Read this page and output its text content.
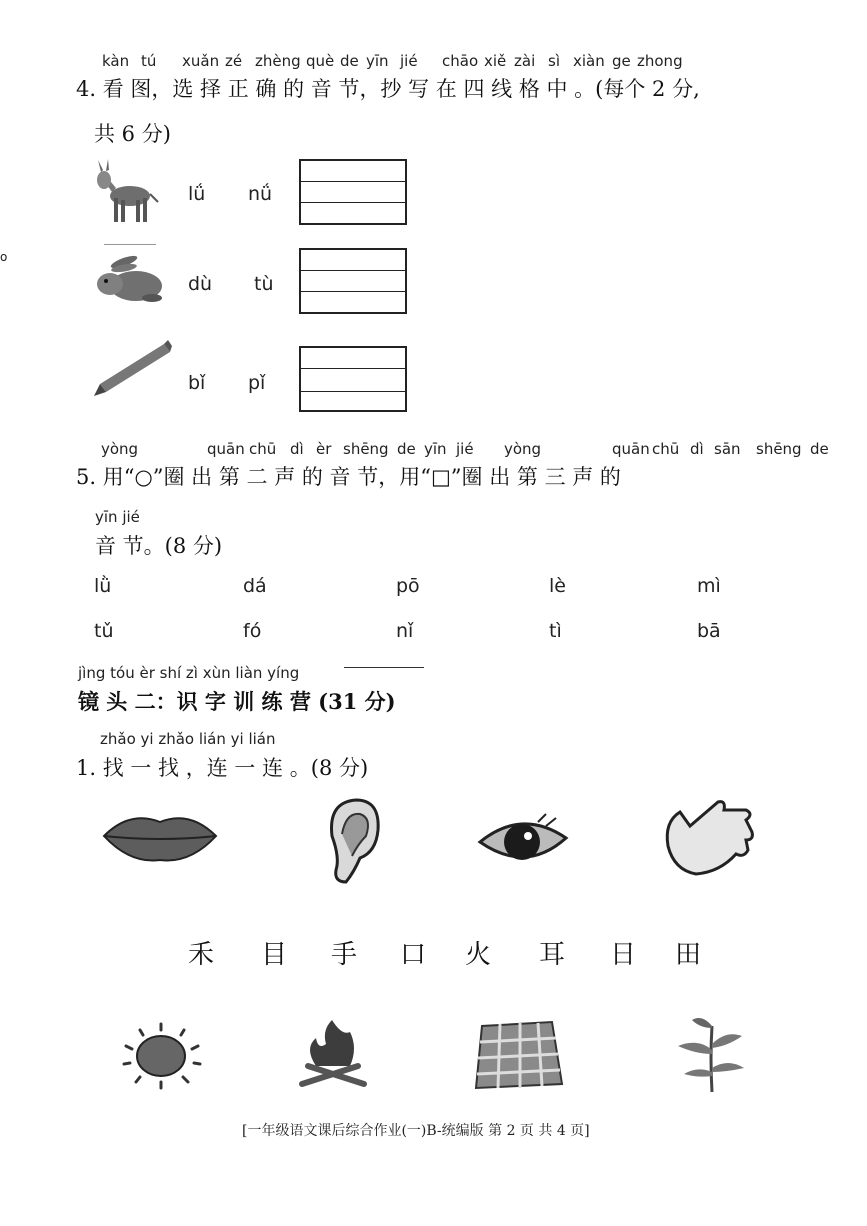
kàn tú xuǎn zé zhèng què de yīn jié chāo xiě zài sì xiàn ge zhong
4. 看 图，选 择 正 确 的 音 节，抄 写 在 四 线 格 中 。(每个 2 分,
共 6 分)
o
lǘ nǘ
dù tù
bǐ pǐ
yòng	quān chū dì èr shēng de yīn jié yòng	quān chū dì sān shēng de
5. 用“○”圈 出 第 二 声 的 音 节，用“□”圈 出 第 三 声 的
yīn jié
音 节。(8 分)
lǜ	dá	pō	lè	mì
tǔ	fó	nǐ	tì	bā
jìng tóu èr shí zì xùn liàn yíng
镜 头 二：识 字 训 练 营 (31 分)
zhǎo yi zhǎo lián yi lián
1. 找 一 找 ，连 一 连 。(8 分)
禾 目 手 口 火 耳 日 田
[一年级语文课后综合作业(一)B-统编版 第 2 页 共 4 页]
